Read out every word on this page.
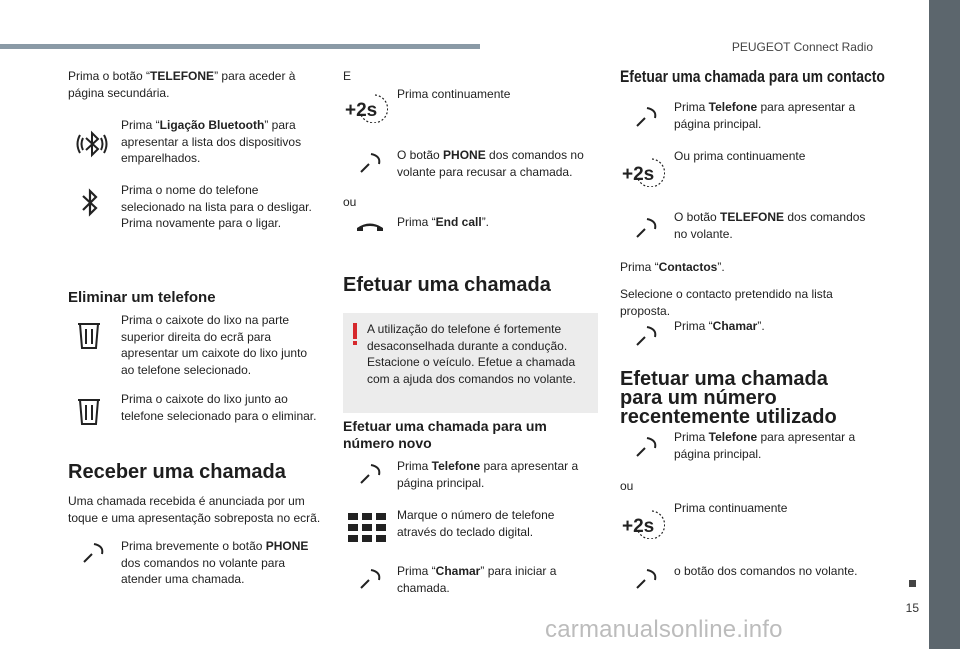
PEUGEOT Connect Radio
15
carmanualsonline.info
Prima o botão “TELEFONE” para aceder à página secundária.
Prima “Ligação Bluetooth” para apresentar a lista dos dispositivos emparelhados.
Prima o nome do telefone selecionado na lista para o desligar. Prima novamente para o ligar.
Eliminar um telefone
Prima o caixote do lixo na parte superior direita do ecrã para apresentar um caixote do lixo junto ao telefone selecionado.
Prima o caixote do lixo junto ao telefone selecionado para o eliminar.
Receber uma chamada
Uma chamada recebida é anunciada por um toque e uma apresentação sobreposta no ecrã.
Prima brevemente o botão PHONE dos comandos no volante para atender uma chamada.
E
+2s
Prima continuamente
O botão PHONE dos comandos no volante para recusar a chamada.
ou
Prima “End call”.
Efetuar uma chamada
A utilização do telefone é fortemente desaconselhada durante a condução. Estacione o veículo. Efetue a chamada com a ajuda dos comandos no volante.
Efetuar uma chamada para um número novo
Prima Telefone para apresentar a página principal.
Marque o número de telefone através do teclado digital.
Prima “Chamar” para iniciar a chamada.
Efetuar uma chamada para um contacto
Prima Telefone para apresentar a página principal.
+2s
Ou prima continuamente
O botão TELEFONE dos comandos no volante.
Prima “Contactos”.
Selecione o contacto pretendido na lista proposta.
Prima “Chamar”.
Efetuar uma chamada para um número recentemente utilizado
Prima Telefone para apresentar a página principal.
ou
+2s
Prima continuamente
o botão dos comandos no volante.
